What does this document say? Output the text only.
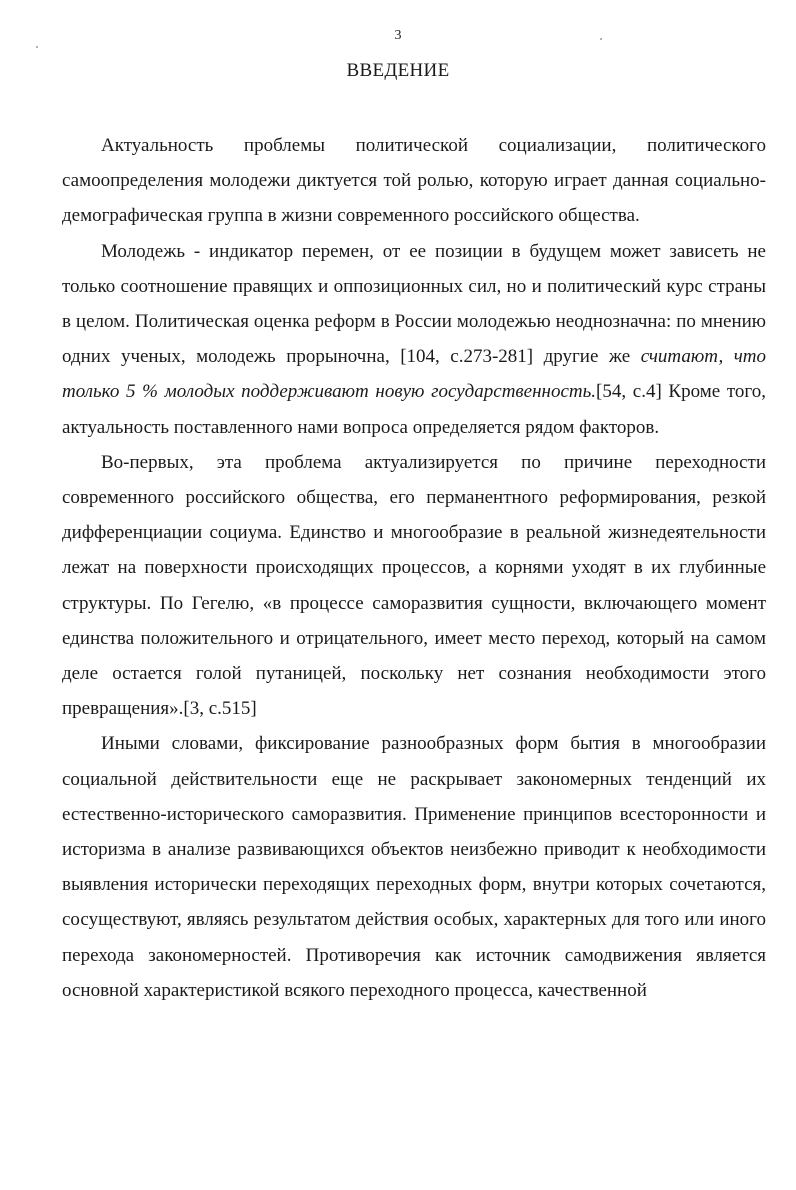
3
ВВЕДЕНИЕ

Актуальность проблемы политической социализации, политического самоопределения молодежи диктуется той ролью, которую играет данная социально-демографическая группа в жизни современного российского общества.

Молодежь - индикатор перемен, от ее позиции в будущем может зависеть не только соотношение правящих и оппозиционных сил, но и политический курс страны в целом. Политическая оценка реформ в России молодежью неоднозначна: по мнению одних ученых, молодежь прорыночна, [104, с.273-281] другие же считают, что только 5 % молодых поддерживают новую государственность.[54, с.4] Кроме того, актуальность поставленного нами вопроса определяется рядом факторов.

Во-первых, эта проблема актуализируется по причине переходности современного российского общества, его перманентного реформирования, резкой дифференциации социума. Единство и многообразие в реальной жизнедеятельности лежат на поверхности происходящих процессов, а корнями уходят в их глубинные структуры. По Гегелю, «в процессе саморазвития сущности, включающего момент единства положительного и отрицательного, имеет место переход, который на самом деле остается голой путаницей, поскольку нет сознания необходимости этого превращения».[3, с.515]

Иными словами, фиксирование разнообразных форм бытия в многообразии социальной действительности еще не раскрывает закономерных тенденций их естественно-исторического саморазвития. Применение принципов всесторонности и историзма в анализе развивающихся объектов неизбежно приводит к необходимости выявления исторически переходящих переходных форм, внутри которых сочетаются, сосуществуют, являясь результатом действия особых, характерных для того или иного перехода закономерностей. Противоречия как источник самодвижения является основной характеристикой всякого переходного процесса, качественной
